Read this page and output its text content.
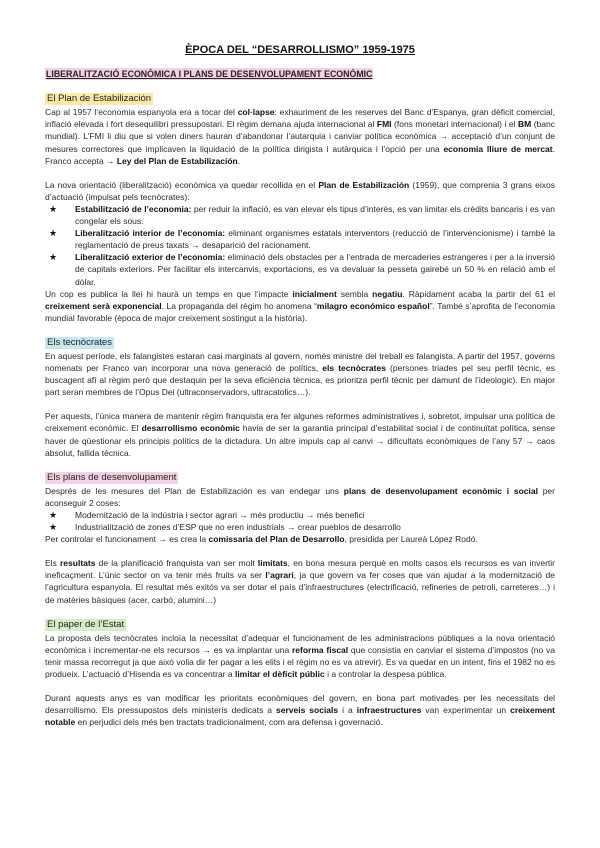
ÈPOCA DEL “DESARROLLISMO” 1959-1975
LIBERALITZACIÓ ECONÒMICA I PLANS DE DESENVOLUPAMENT ECONÒMIC
El Plan de Estabilización

Cap al 1957 l’economia espanyola era a tocar del col·lapse: exhauriment de les reserves del Banc d’Espanya, gran dèficit comercial, inflació elevada i fort desequilibri pressupostari. El règim demana ajuda internacional al FMI (fons monetari internacional) i el BM (banc mundial). L’FMI li diu que si volen diners hauran d’abandonar l’autarquia i canviar política econòmica → acceptació d’un conjunt de mesures correctores que implicaven la liquidació de la política dirigista i autàrquica i l’opció per una economia lliure de mercat. Franco accepta → Ley del Plan de Estabilización.

La nova orientació (liberalització) econòmica va quedar recollida en el Plan de Estabilización (1959), que comprenia 3 grans eixos d’actuació (impulsat pels tecnòcrates):

★ Estabilització de l’economia: per reduir la inflació, es van elevar els tipus d’interès, es van limitar els crèdits bancaris i es van congelar els sous.
★ Liberalització interior de l’economia: eliminant organismes estatals interventors (reducció de l’intervencionisme) i també la reglamentació de preus taxats → desaparició del racionament.
★ Liberalització exterior de l’economia: eliminació dels obstacles per a l’entrada de mercaderies estrangeres i per a la inversió de capitals exteriors. Per facilitar els intercanvis, exportacions, es va devaluar la pesseta gairebé un 50 % en relació amb el dòlar.

Un cop es publica la llei hi haurà un temps en que l’impacte inicialment sembla negatiu. Ràpidament acaba la partir del 61 el creixement serà exponencial. La propaganda del règim ho anomena “milagro económico español”. També s’aprofita de l’economia mundial favorable (època de major creixement sostingut a la història).

Els tecnòcrates

En aquest període, els falangistes estaran casi marginats al govern, només ministre del treball es falangista. A partir del 1957, governs nomenats per Franco van incorporar una nova generació de polítics, els tecnòcrates (persones triades pel seu perfil tècnic, es buscagent afí al règim però que destaquin per la seva eficiència tècnica, es prioritza perfil tècnic per damunt de l’ideologic). En major part seran membres de l’Opus Dei (ultraconservadors, ultracatolics…).

Per aquests, l’única manera de mantenir règim franquista era fer algunes reformes administratives i, sobretot, impulsar una política de creixement econòmic. El desarrollismo econòmic havia de ser la garantia principal d’estabilitat social i de continuïtat política, sense haver de qüestionar els principis polítics de la dictadura. Un altre impuls cap al canvi → dificultats econòmiques de l’any 57 → caos absolut, fallida tècnica.

Els plans de desenvolupament

Després de les mesures del Plan de Estabilización es van endegar uns plans de desenvolupament econòmic i social per aconseguir 2 coses:

★ Modernització de la indústria i sector agrari → més productiu → més benefici
★ Industrialització de zones d’ESP que no eren industrials → crear pueblos de desarrollo

Per controlar el funcionament → es crea la comissaria del Plan de Desarrollo, presidida per Laureà López Rodó.

Els resultats de la planificació franquista van ser molt limitats, en bona mesura perquè en molts casos els recursos es van invertir ineficaçment. L’únic sector on va tenir més fruits va ser l’agrari, ja que govern va fer coses que van ajudar a la modernització de l’agricultura espanyola. El resultat més exitós va ser dotar el país d’infraestructures (electrificació, refineries de petroli, carreteres…) i de matèries bàsiques (acer, carbó, alumini…)

El paper de l’Estat

La proposta dels tecnòcrates incloïa la necessitat d’adequar el funcionament de les administracions públiques a la nova orientació econòmica i incrementar-ne els recursos → es va implantar una reforma fiscal que consistia en canviar el sistema d’impostos (no va tenir massa recorregut ja que això volia dir fer pagar a les elits i el règim no es va atrevir). Es va quedar en un intent, fins el 1982 no es produeix. L’actuació d’Hisenda es va concentrar a limitar el dèficit públic i a controlar la despesa pública.

Durant aquests anys es van modificar les prioritats econòmiques del govern, en bona part motivades per les necessitats del desarrollismo. Els pressupostos dels ministeris dedicats a serveis socials i a infraestructures van experimentar un creixement notable en perjudici dels més ben tractats tradicionalment, com ara defensa i governació.
